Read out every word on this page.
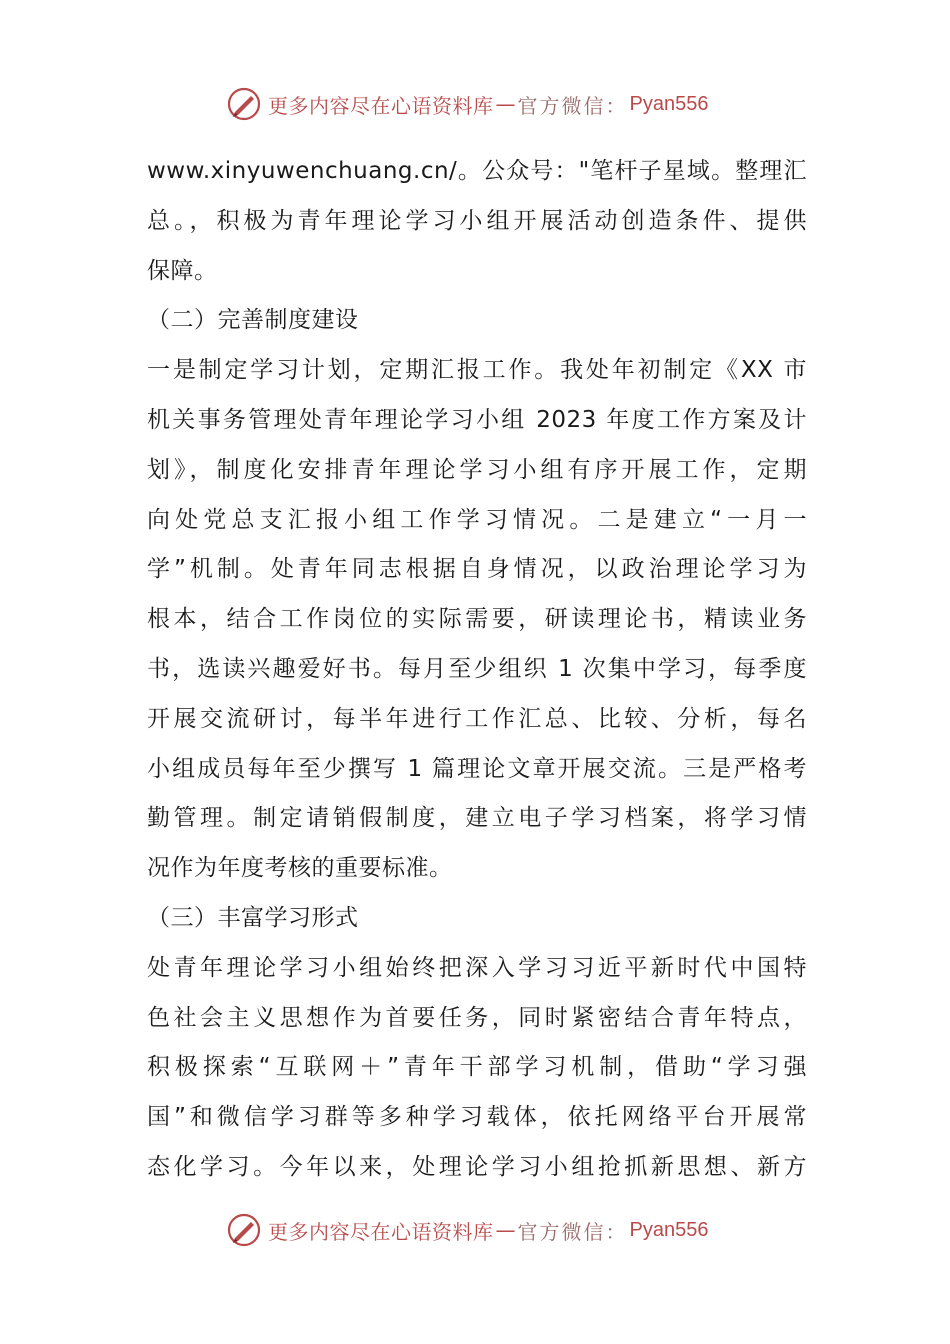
更多内容尽在心语资料库 — 官方微信： Pyan556
www.xinyuwenchuang.cn/。公众号："笔杆子星域。整理汇
总。，积极为青年理论学习小组开展活动创造条件、提供
保障。
（二）完善制度建设
一是制定学习计划，定期汇报工作。我处年初制定《XX 市
机关事务管理处青年理论学习小组 2023 年度工作方案及计
划》，制度化安排青年理论学习小组有序开展工作，定期
向处党总支汇报小组工作学习情况。二是建立“一月一
学”机制。处青年同志根据自身情况，以政治理论学习为
根本，结合工作岗位的实际需要，研读理论书，精读业务
书，选读兴趣爱好书。每月至少组织 1 次集中学习，每季度
开展交流研讨，每半年进行工作汇总、比较、分析，每名
小组成员每年至少撰写 1 篇理论文章开展交流。三是严格考
勤管理。制定请销假制度，建立电子学习档案，将学习情
况作为年度考核的重要标准。
（三）丰富学习形式
处青年理论学习小组始终把深入学习习近平新时代中国特
色社会主义思想作为首要任务，同时紧密结合青年特点，
积极探索“互联网＋”青年干部学习机制，借助“学习强
国”和微信学习群等多种学习载体，依托网络平台开展常
态化学习。今年以来，处理论学习小组抢抓新思想、新方
更多内容尽在心语资料库 — 官方微信： Pyan556
